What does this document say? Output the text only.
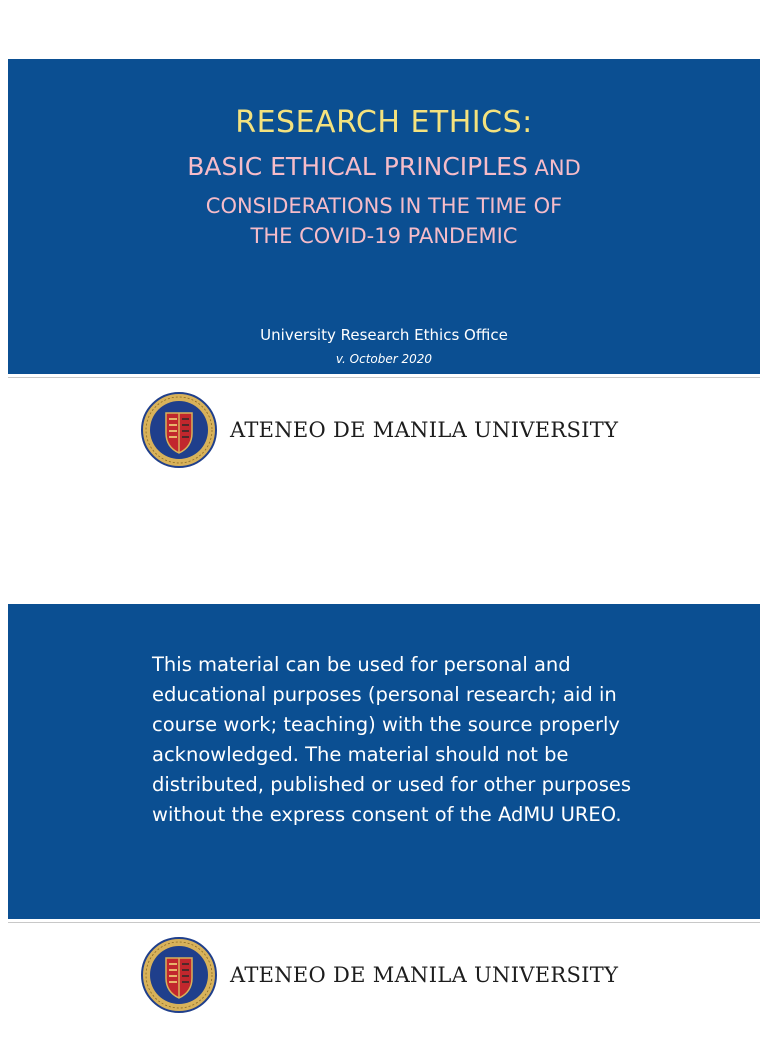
RESEARCH ETHICS:
BASIC ETHICAL PRINCIPLES AND
CONSIDERATIONS IN THE TIME OF
THE COVID-19 PANDEMIC
University Research Ethics Office
v. October 2020
ATENEO DE MANILA UNIVERSITY
This material can be used for personal and educational purposes (personal research; aid in course work; teaching) with the source properly acknowledged. The material should not be distributed, published or used for other purposes without the express consent of the AdMU UREO.
ATENEO DE MANILA UNIVERSITY
